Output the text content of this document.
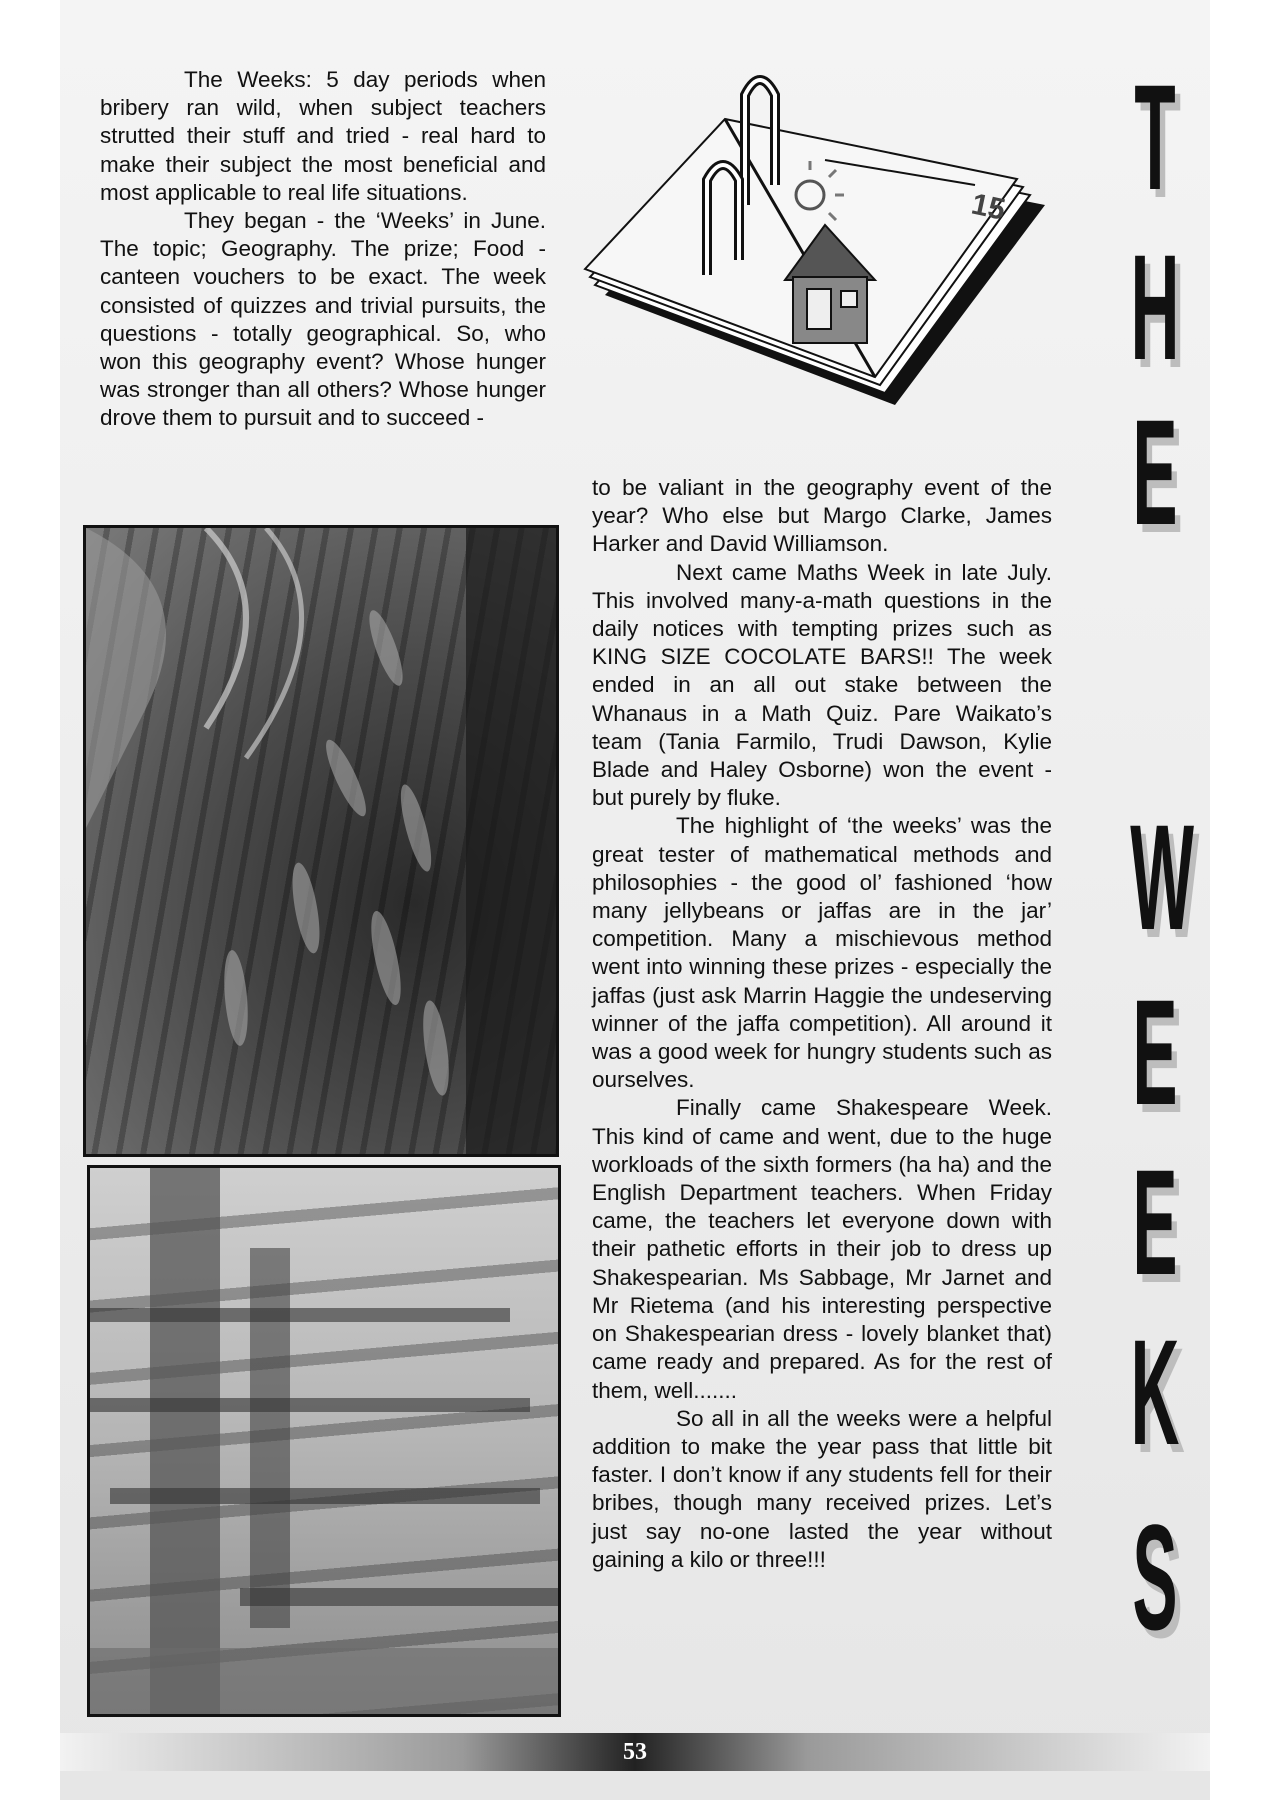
The Weeks: 5 day periods when bribery ran wild, when subject teachers strutted their stuff and tried - real hard to make their subject the most beneficial and most applicable to real life situations.

They began - the ‘Weeks’ in June. The topic; Geography. The prize; Food - canteen vouchers to be exact. The week consisted of quizzes and trivial pursuits, the questions - totally geographical. So, who won this geography event? Whose hunger was stronger than all others? Whose hunger drove them to pursuit and to succeed -

15

to be valiant in the geography event of the year? Who else but Margo Clarke, James Harker and David Williamson.

Next came Maths Week in late July. This involved many-a-math questions in the daily notices with tempting prizes such as KING SIZE COCOLATE BARS!! The week ended in an all out stake between the Whanaus in a Math Quiz. Pare Waikato’s team (Tania Farmilo, Trudi Dawson, Kylie Blade and Haley Osborne) won the event - but purely by fluke.

The highlight of ‘the weeks’ was the great tester of mathematical methods and philosophies - the good ol’ fashioned ‘how many jellybeans or jaffas are in the jar’ competition. Many a mischievous method went into winning these prizes - especially the jaffas (just ask Marrin Haggie the undeserving winner of the jaffa competition). All around it was a good week for hungry students such as ourselves.

Finally came Shakespeare Week. This kind of came and went, due to the huge workloads of the sixth formers (ha ha) and the English Department teachers. When Friday came, the teachers let everyone down with their pathetic efforts in their job to dress up Shakespearian. Ms Sabbage, Mr Jarnet and Mr Rietema (and his interesting perspective on Shakespearian dress - lovely blanket that) came ready and prepared. As for the rest of them, well.......

So all in all the weeks were a helpful addition to make the year pass that little bit faster. I don’t know if any students fell for their bribes, though many received prizes. Let’s just say no-one lasted the year without gaining a kilo or three!!!

T
H
E
W
E
E
K
S
53
